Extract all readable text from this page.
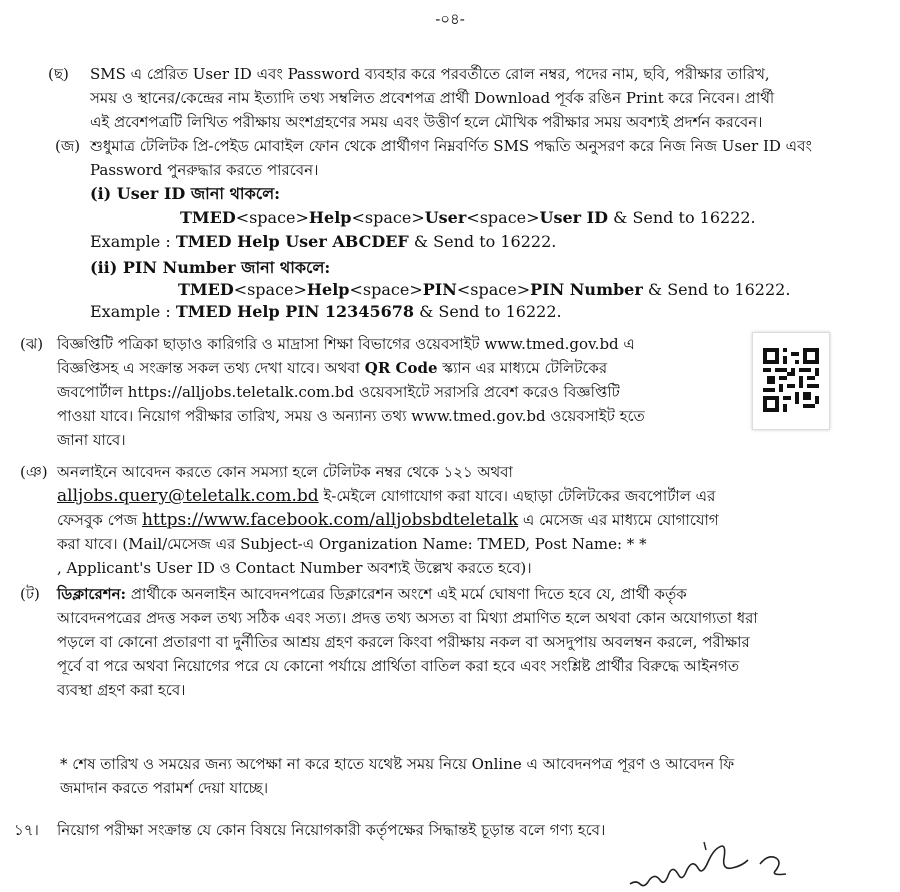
-০৪-
(ছ) SMS এ প্রেরিত User ID এবং Password ব্যবহার করে পরবর্তীতে রোল নম্বর, পদের নাম, ছবি, পরীক্ষার তারিখ,
সময় ও স্থানের/কেন্দ্রের নাম ইত্যাদি তথ্য সম্বলিত প্রবেশপত্র প্রার্থী Download পূর্বক রঙিন Print করে নিবেন। প্রার্থী
এই প্রবেশপত্রটি লিখিত পরীক্ষায় অংশগ্রহণের সময় এবং উত্তীর্ণ হলে মৌখিক পরীক্ষার সময় অবশ্যই প্রদর্শন করবেন।
(জ) শুধুমাত্র টেলিটক প্রি-পেইড মোবাইল ফোন থেকে প্রার্থীগণ নিম্নবর্ণিত SMS পদ্ধতি অনুসরণ করে নিজ নিজ User ID এবং
Password পুনরুদ্ধার করতে পারবেন।
(i) User ID জানা থাকলে:
TMED<space>Help<space>User<space>User ID & Send to 16222.
Example : TMED Help User ABCDEF & Send to 16222.
(ii) PIN Number জানা থাকলে:
TMED<space>Help<space>PIN<space>PIN Number & Send to 16222.
Example : TMED Help PIN 12345678 & Send to 16222.
(ঝ) বিজ্ঞপ্তিটি পত্রিকা ছাড়াও কারিগরি ও মাদ্রাসা শিক্ষা বিভাগের ওয়েবসাইট www.tmed.gov.bd এ
বিজ্ঞপ্তিসহ এ সংক্রান্ত সকল তথ্য দেখা যাবে। অথবা QR Code স্ক্যান এর মাধ্যমে টেলিটকের
জবপোর্টাল https://alljobs.teletalk.com.bd ওয়েবসাইটে সরাসরি প্রবেশ করেও বিজ্ঞপ্তিটি
পাওয়া যাবে। নিয়োগ পরীক্ষার তারিখ, সময় ও অন্যান্য তথ্য www.tmed.gov.bd ওয়েবসাইট হতে
জানা যাবে।
(ঞ) অনলাইনে আবেদন করতে কোন সমস্যা হলে টেলিটক নম্বর থেকে ১২১ অথবা
alljobs.query@teletalk.com.bd ই-মেইলে যোগাযোগ করা যাবে। এছাড়া টেলিটকের জবপোর্টাল এর
ফেসবুক পেজ https://www.facebook.com/alljobsbdteletalk এ মেসেজ এর মাধ্যমে যোগাযোগ
করা যাবে। (Mail/মেসেজ এর Subject-এ Organization Name: TMED, Post Name: * *
, Applicant's User ID ও Contact Number অবশ্যই উল্লেখ করতে হবে)।
(ট) ডিক্লারেশন: প্রার্থীকে অনলাইন আবেদনপত্রের ডিক্লারেশন অংশে এই মর্মে ঘোষণা দিতে হবে যে, প্রার্থী কর্তৃক
আবেদনপত্রের প্রদত্ত সকল তথ্য সঠিক এবং সত্য। প্রদত্ত তথ্য অসত্য বা মিথ্যা প্রমাণিত হলে অথবা কোন অযোগ্যতা ধরা
পড়লে বা কোনো প্রতারণা বা দুর্নীতির আশ্রয় গ্রহণ করলে কিংবা পরীক্ষায় নকল বা অসদুপায় অবলম্বন করলে, পরীক্ষার
পূর্বে বা পরে অথবা নিয়োগের পরে যে কোনো পর্যায়ে প্রার্থিতা বাতিল করা হবে এবং সংশ্লিষ্ট প্রার্থীর বিরুদ্ধে আইনগত
ব্যবস্থা গ্রহণ করা হবে।
* শেষ তারিখ ও সময়ের জন্য অপেক্ষা না করে হাতে যথেষ্ট সময় নিয়ে Online এ আবেদনপত্র পূরণ ও আবেদন ফি
জমাদান করতে পরামর্শ দেয়া যাচ্ছে।
১৭। নিয়োগ পরীক্ষা সংক্রান্ত যে কোন বিষয়ে নিয়োগকারী কর্তৃপক্ষের সিদ্ধান্তই চূড়ান্ত বলে গণ্য হবে।
